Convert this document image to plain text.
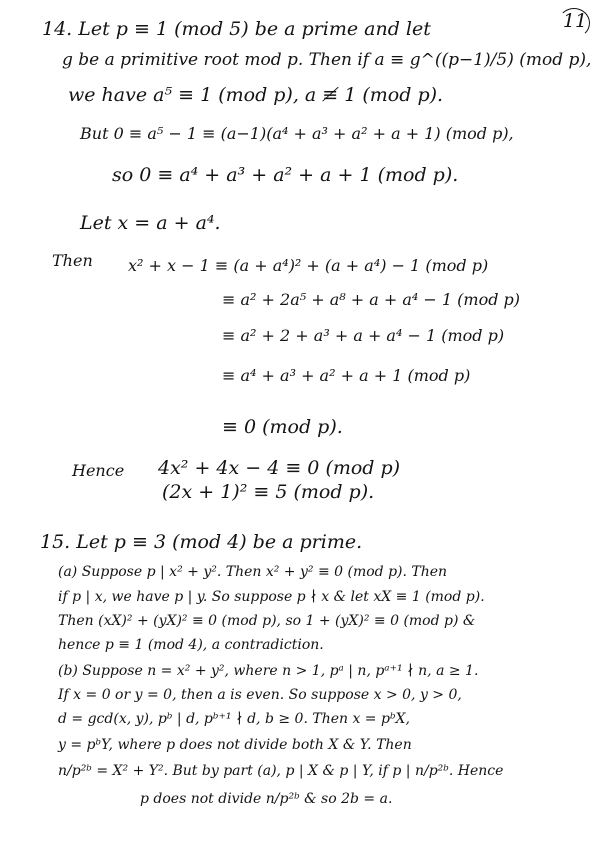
11
14. Let p ≡ 1 (mod 5) be a prime and let
g be a primitive root mod p. Then if a ≡ g^((p−1)/5) (mod p),
we have a⁵ ≡ 1 (mod p), a ≢ 1 (mod p).
But 0 ≡ a⁵ − 1 ≡ (a−1)(a⁴ + a³ + a² + a + 1) (mod p),
so 0 ≡ a⁴ + a³ + a² + a + 1 (mod p).
Let x = a + a⁴.
Then x² + x − 1 ≡ (a + a⁴)² + (a + a⁴) − 1 (mod p)
≡ a² + 2a⁵ + a⁸ + a + a⁴ − 1 (mod p)
≡ a² + 2 + a³ + a + a⁴ − 1 (mod p)
≡ a⁴ + a³ + a² + a + 1 (mod p)
≡ 0 (mod p).
Hence 4x² + 4x − 4 ≡ 0 (mod p)
(2x + 1)² ≡ 5 (mod p).
15. Let p ≡ 3 (mod 4) be a prime.
(a) Suppose p | x² + y². Then x² + y² ≡ 0 (mod p). Then
if p | x, we have p | y. So suppose p ∤ x & let xX ≡ 1 (mod p).
Then (xX)² + (yX)² ≡ 0 (mod p), so 1 + (yX)² ≡ 0 (mod p) &
hence p ≡ 1 (mod 4), a contradiction.
(b) Suppose n = x² + y², where n > 1, pᵃ | n, pᵃ⁺¹ ∤ n, a ≥ 1.
If x = 0 or y = 0, then a is even. So suppose x > 0, y > 0,
d = gcd(x, y), pᵇ | d, pᵇ⁺¹ ∤ d, b ≥ 0. Then x = pᵇX,
y = pᵇY, where p does not divide both X & Y. Then
n/p²ᵇ = X² + Y². But by part (a), p | X & p | Y, if p | n/p²ᵇ. Hence
p does not divide n/p²ᵇ & so 2b = a.
